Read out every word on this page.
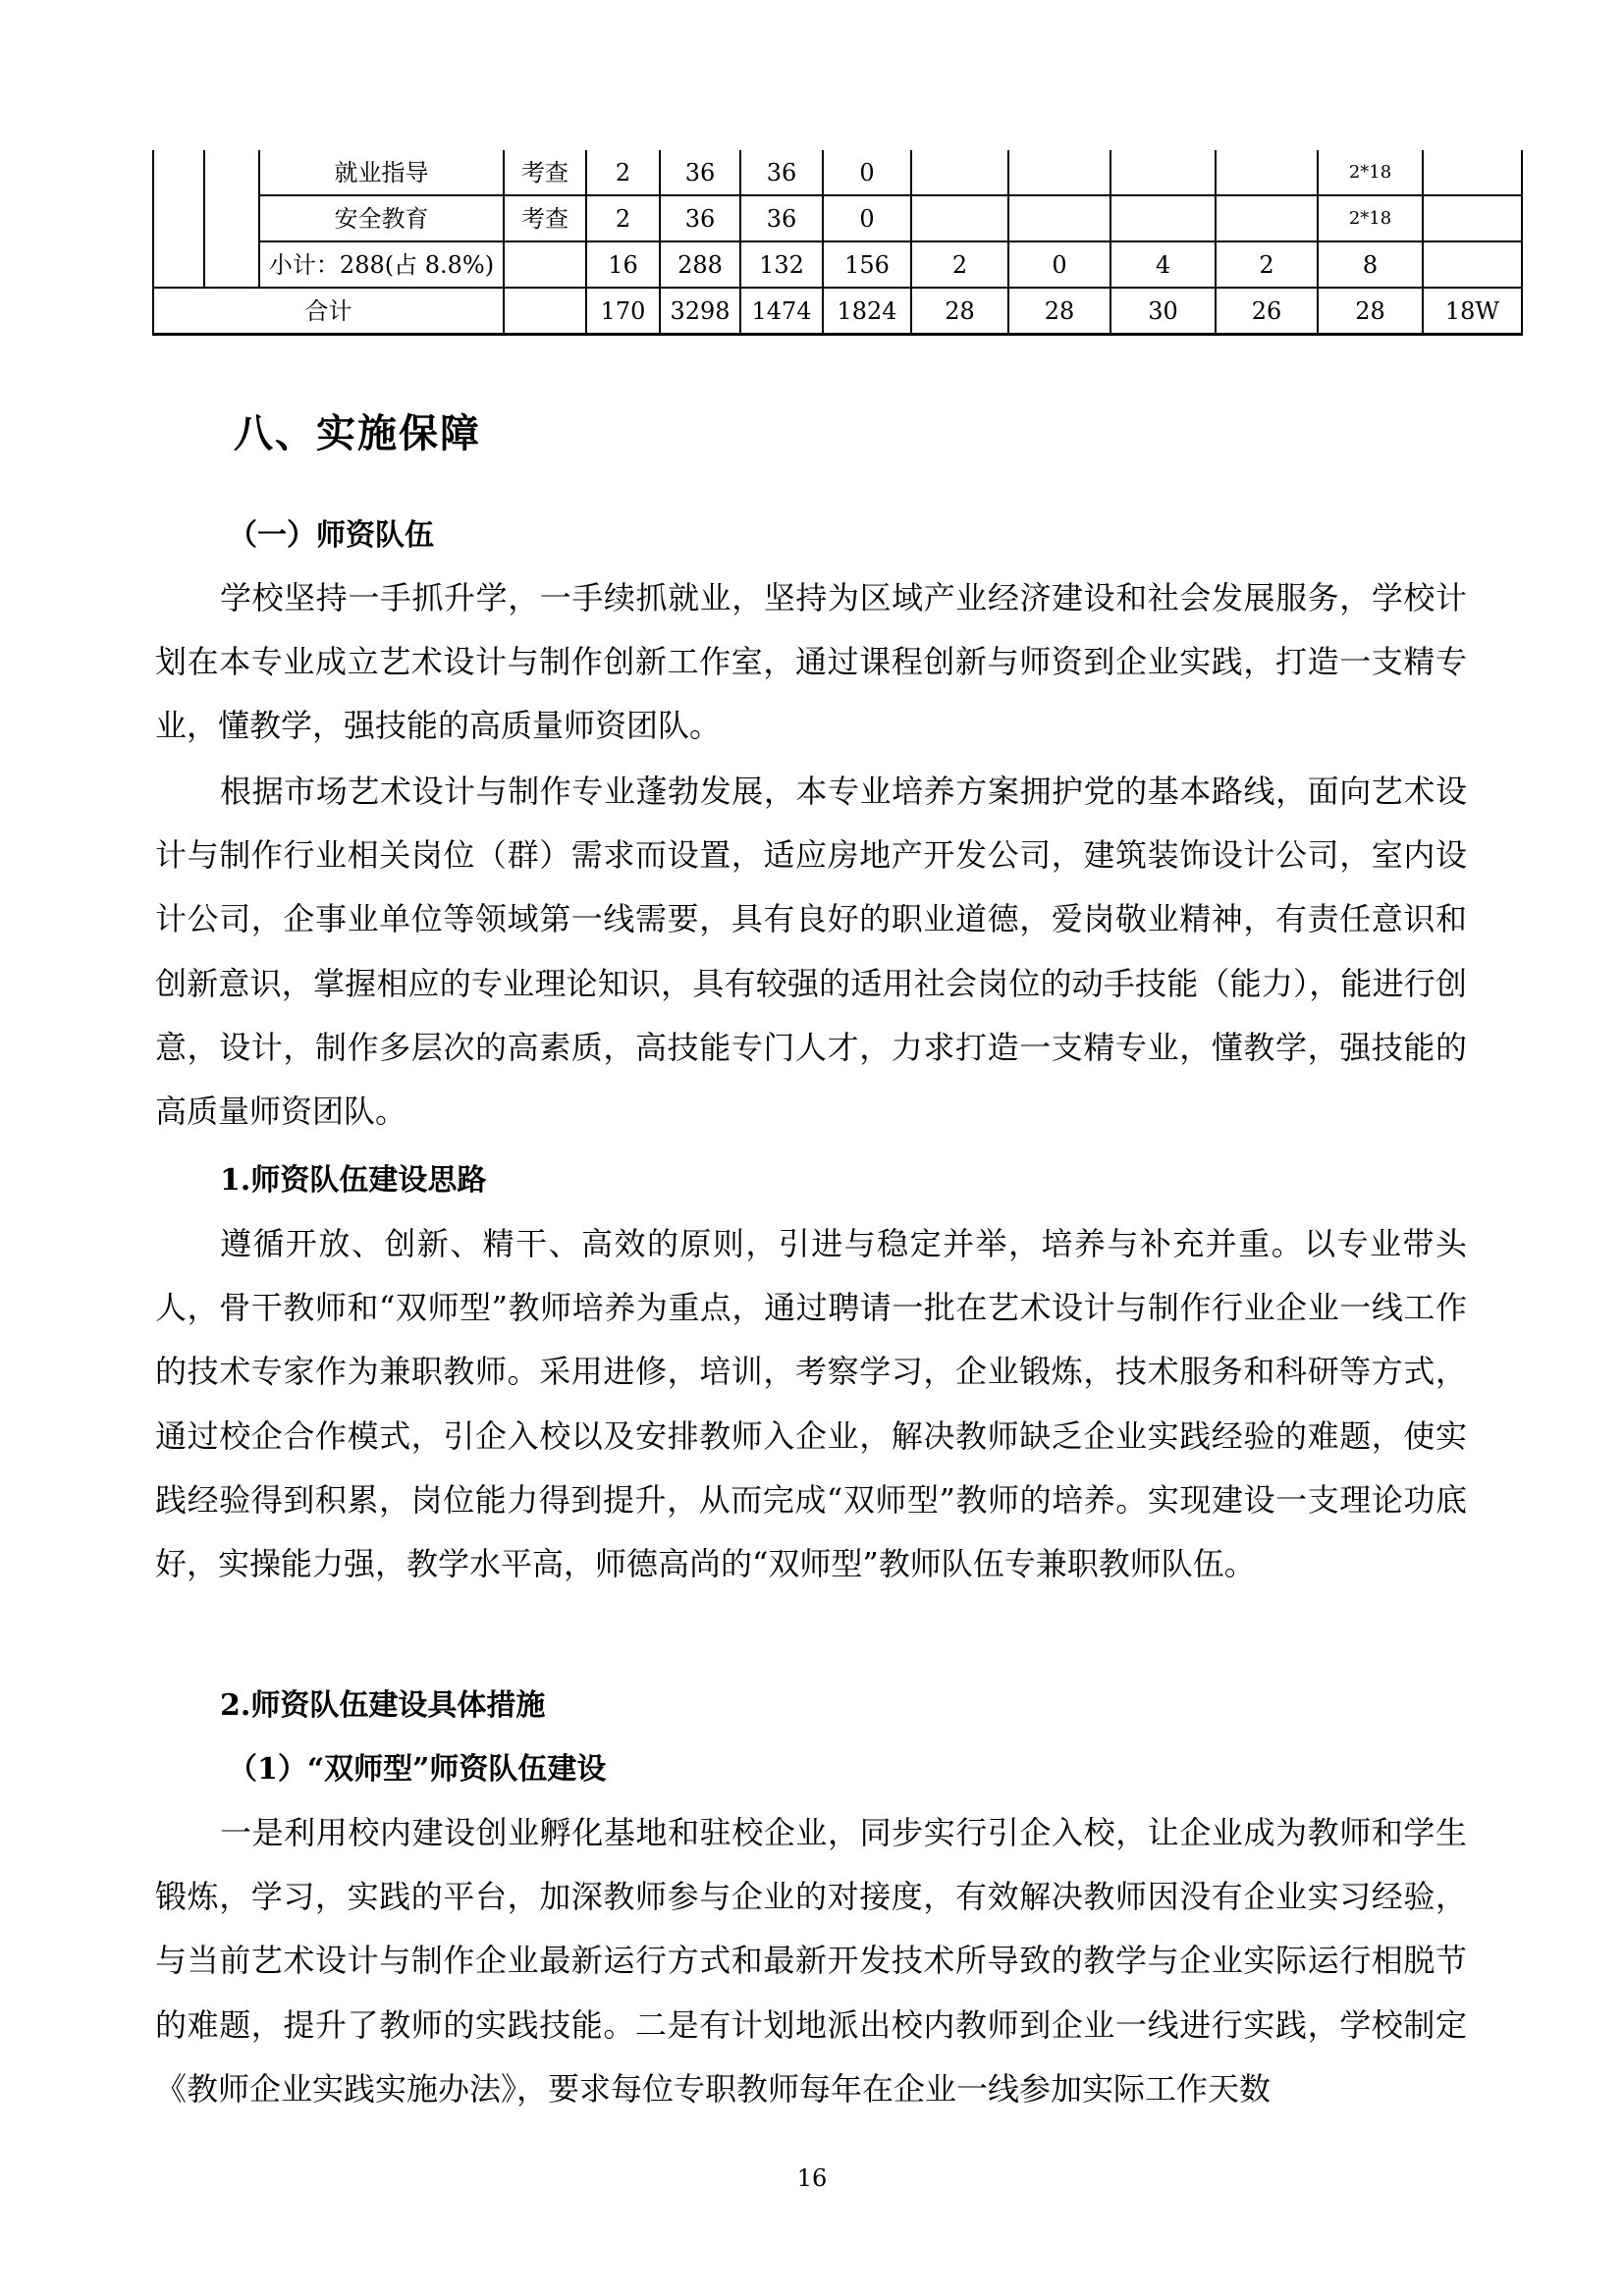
		就业指导	考查	2	36	36	0					2*18	
		安全教育	考查	2	36	36	0					2*18	
		小计：288(占 8.8%)		16	288	132	156	2	0	4	2	8	
合计				170	3298	1474	1824	28	28	30	26	28	18W
八、实施保障
（一）师资队伍

学校坚持一手抓升学，一手续抓就业，坚持为区域产业经济建设和社会发展服务，学校计划在本专业成立艺术设计与制作创新工作室，通过课程创新与师资到企业实践，打造一支精专业，懂教学，强技能的高质量师资团队。

根据市场艺术设计与制作专业蓬勃发展，本专业培养方案拥护党的基本路线，面向艺术设计与制作行业相关岗位（群）需求而设置，适应房地产开发公司，建筑装饰设计公司，室内设计公司，企事业单位等领域第一线需要，具有良好的职业道德，爱岗敬业精神，有责任意识和创新意识，掌握相应的专业理论知识，具有较强的适用社会岗位的动手技能（能力），能进行创意，设计，制作多层次的高素质，高技能专门人才，力求打造一支精专业，懂教学，强技能的高质量师资团队。

1.师资队伍建设思路

遵循开放、创新、精干、高效的原则，引进与稳定并举，培养与补充并重。以专业带头人，骨干教师和“双师型”教师培养为重点，通过聘请一批在艺术设计与制作行业企业一线工作的技术专家作为兼职教师。采用进修，培训，考察学习，企业锻炼，技术服务和科研等方式，通过校企合作模式，引企入校以及安排教师入企业，解决教师缺乏企业实践经验的难题，使实践经验得到积累，岗位能力得到提升，从而完成“双师型”教师的培养。实现建设一支理论功底好，实操能力强，教学水平高，师德高尚的“双师型”教师队伍专兼职教师队伍。

2.师资队伍建设具体措施
（1）“双师型”师资队伍建设

一是利用校内建设创业孵化基地和驻校企业，同步实行引企入校，让企业成为教师和学生锻炼，学习，实践的平台，加深教师参与企业的对接度，有效解决教师因没有企业实习经验，与当前艺术设计与制作企业最新运行方式和最新开发技术所导致的教学与企业实际运行相脱节的难题，提升了教师的实践技能。二是有计划地派出校内教师到企业一线进行实践，学校制定《教师企业实践实施办法》，要求每位专职教师每年在企业一线参加实际工作天数

16
